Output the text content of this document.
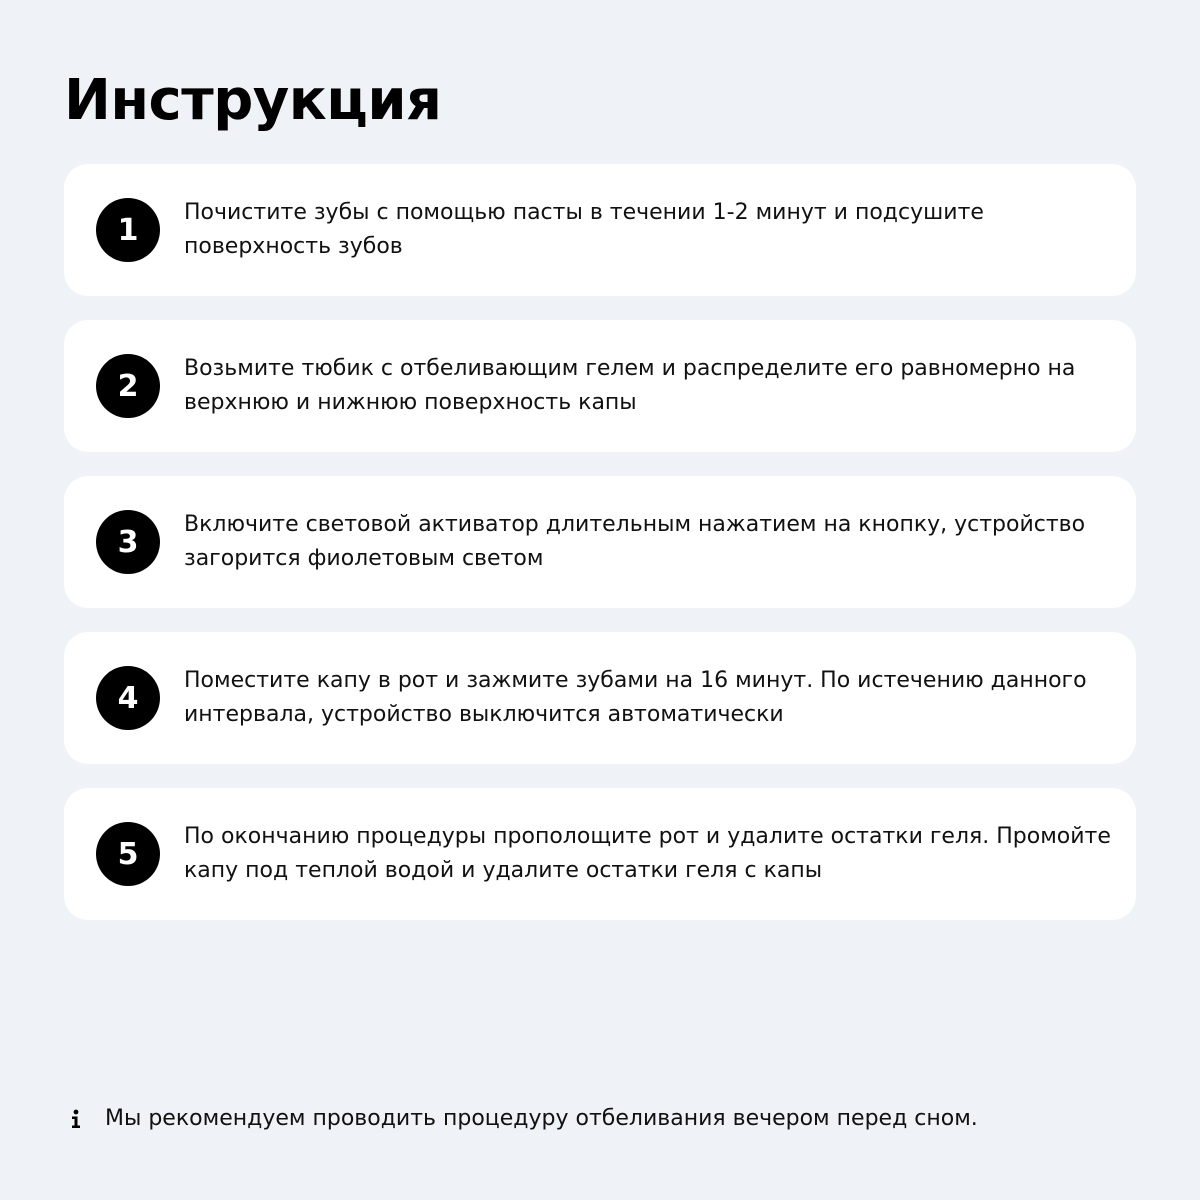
Инструкция
1	Почистите зубы с помощью пасты в течении 1-2 минут и подсушите поверхность зубов

2	Возьмите тюбик с отбеливающим гелем и распределите его равномерно на верхнюю и нижнюю поверхность капы

3	Включите световой активатор длительным нажатием на кнопку, устройство загорится фиолетовым светом

4	Поместите капу в рот и зажмите зубами на 16 минут. По истечению данного интервала, устройство выключится автоматически

5	По окончанию процедуры прополощите рот и удалите остатки геля. Промойте капу под теплой водой и удалите остатки геля с капы

Мы рекомендуем проводить процедуру отбеливания вечером перед сном.
